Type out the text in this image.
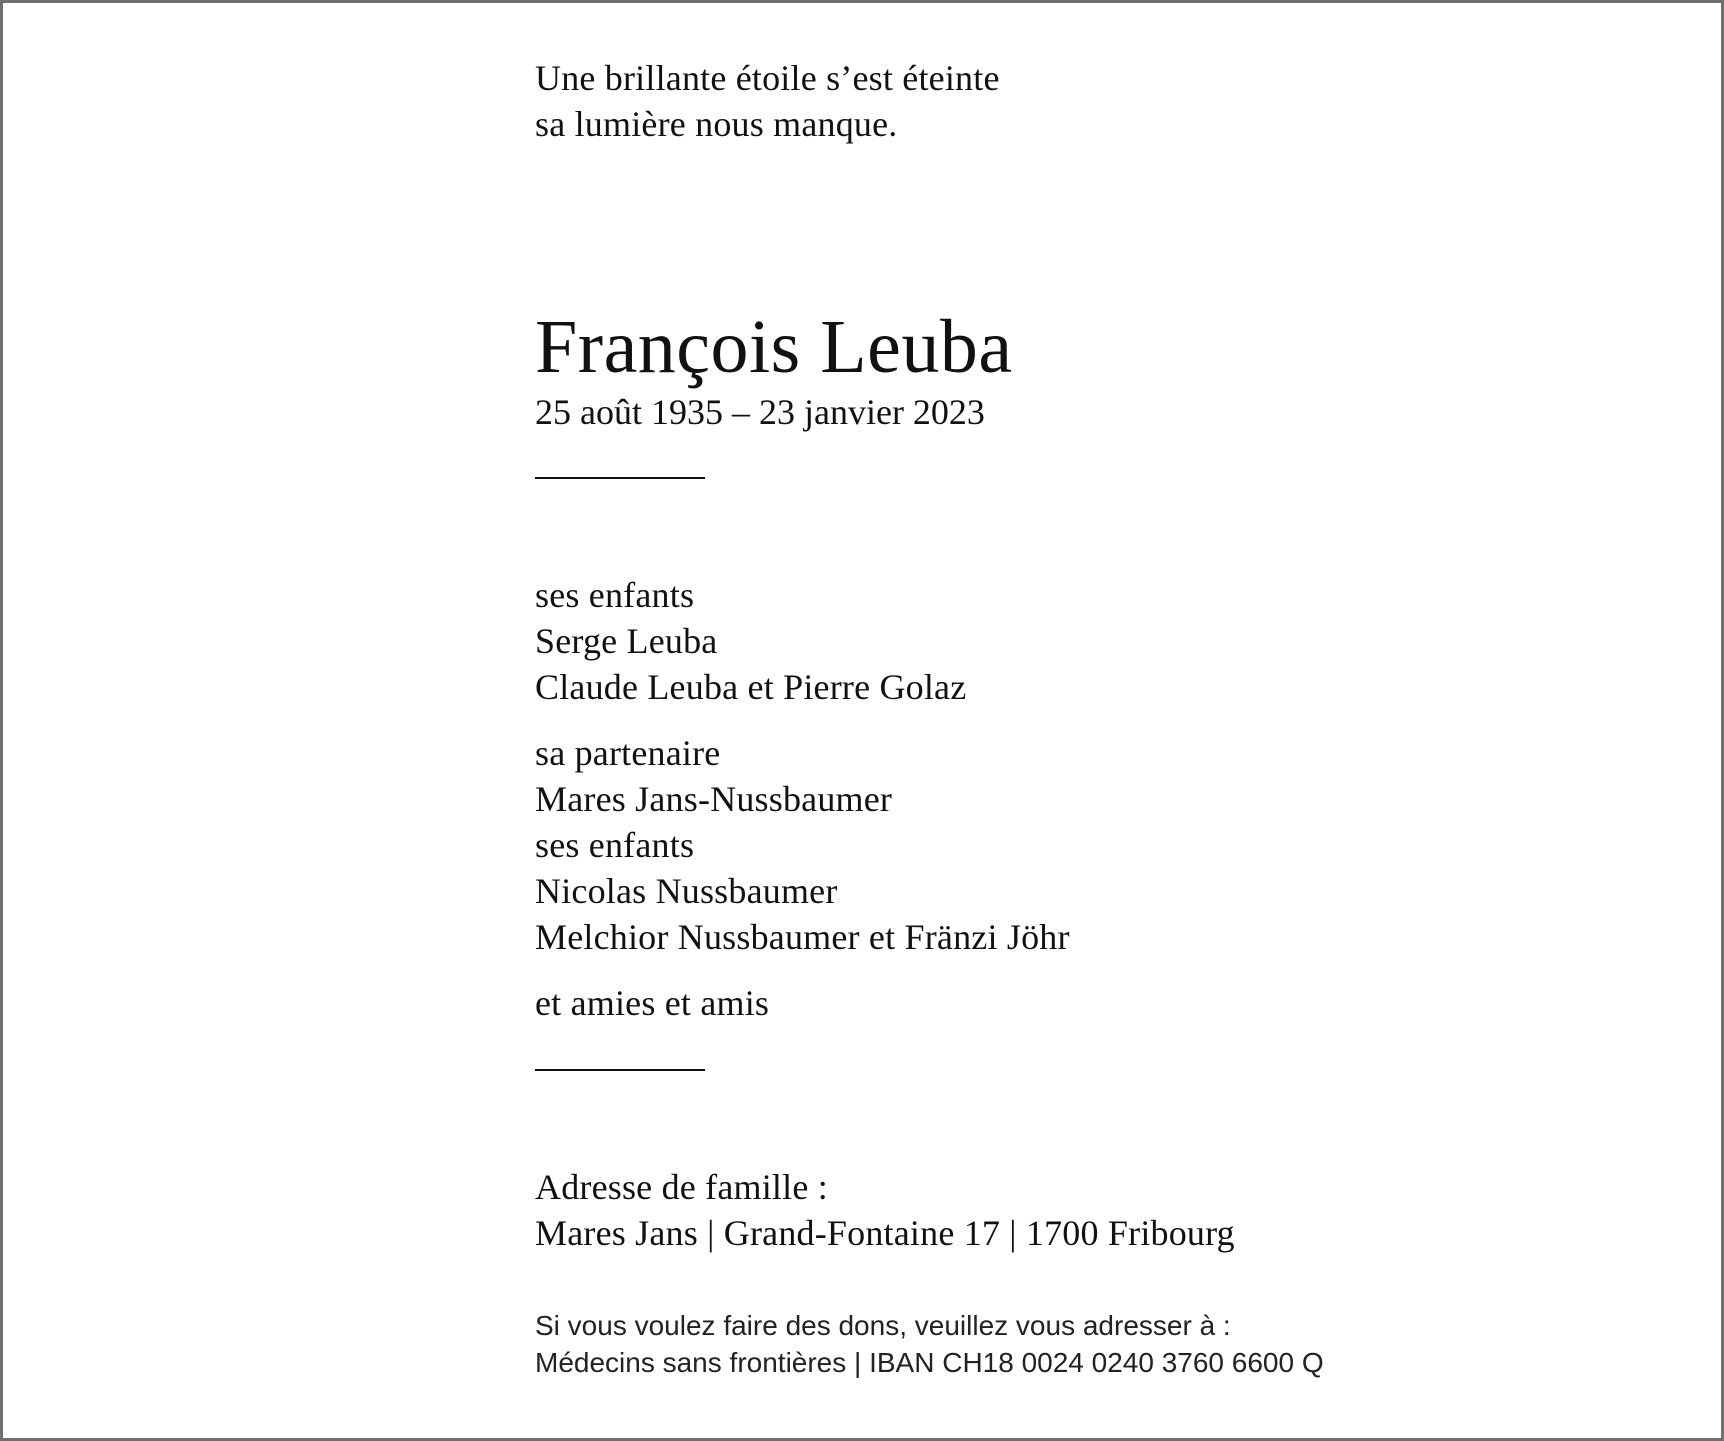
Une brillante étoile s’est éteinte
sa lumière nous manque.
François Leuba
25 août 1935 – 23 janvier 2023
ses enfants
Serge Leuba
Claude Leuba et Pierre Golaz
sa partenaire
Mares Jans-Nussbaumer
ses enfants
Nicolas Nussbaumer
Melchior Nussbaumer et Fränzi Jöhr
et amies et amis
Adresse de famille :
Mares Jans | Grand-Fontaine 17 | 1700 Fribourg
Si vous voulez faire des dons, veuillez vous adresser à :
Médecins sans frontières | IBAN CH18 0024 0240 3760 6600 Q
